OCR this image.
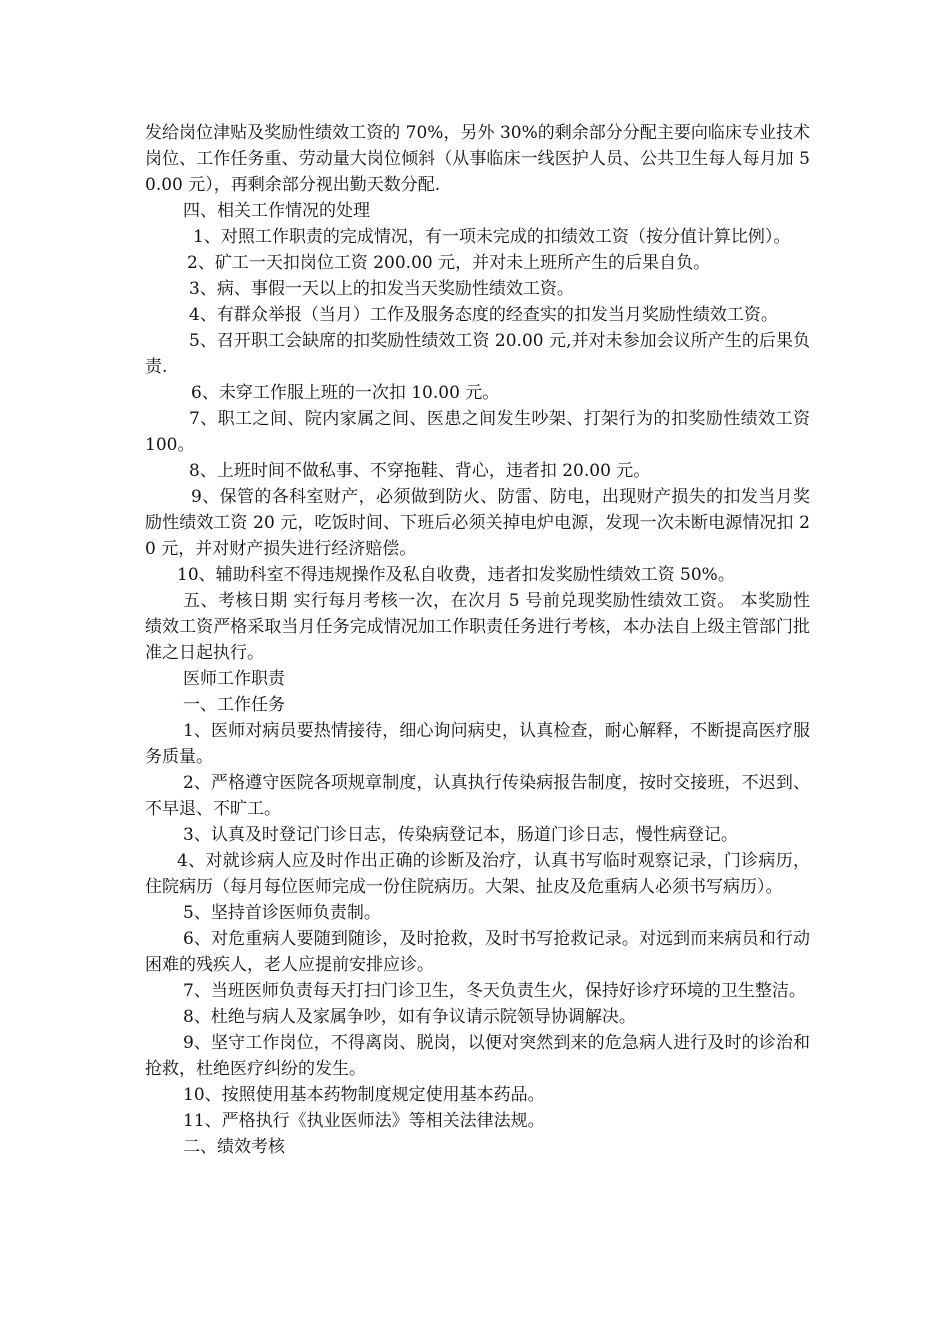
发给岗位津贴及奖励性绩效工资的 70%，另外 30%的剩余部分分配主要向临床专业技术岗位、工作任务重、劳动量大岗位倾斜（从事临床一线医护人员、公共卫生每人每月加 50.00 元），再剩余部分视出勤天数分配.

四、相关工作情况的处理

1、对照工作职责的完成情况，有一项未完成的扣绩效工资（按分值计算比例）。

2、矿工一天扣岗位工资 200.00 元，并对未上班所产生的后果自负。

3、病、事假一天以上的扣发当天奖励性绩效工资。

4、有群众举报（当月）工作及服务态度的经查实的扣发当月奖励性绩效工资。

5、召开职工会缺席的扣奖励性绩效工资 20.00 元,并对未参加会议所产生的后果负责.

6、未穿工作服上班的一次扣 10.00 元。

7、职工之间、院内家属之间、医患之间发生吵架、打架行为的扣奖励性绩效工资 100。

8、上班时间不做私事、不穿拖鞋、背心，违者扣 20.00 元。

9、保管的各科室财产，必须做到防火、防雷、防电，出现财产损失的扣发当月奖励性绩效工资 20 元，吃饭时间、下班后必须关掉电炉电源，发现一次未断电源情况扣 20 元，并对财产损失进行经济赔偿。

10、辅助科室不得违规操作及私自收费，违者扣发奖励性绩效工资 50%。

五、考核日期 实行每月考核一次，在次月 5 号前兑现奖励性绩效工资。 本奖励性绩效工资严格采取当月任务完成情况加工作职责任务进行考核，本办法自上级主管部门批准之日起执行。

医师工作职责

一、工作任务

1、医师对病员要热情接待，细心询问病史，认真检查，耐心解释，不断提高医疗服务质量。

2、严格遵守医院各项规章制度，认真执行传染病报告制度，按时交接班，不迟到、不早退、不旷工。

3、认真及时登记门诊日志，传染病登记本，肠道门诊日志，慢性病登记。

4、对就诊病人应及时作出正确的诊断及治疗，认真书写临时观察记录，门诊病历，住院病历（每月每位医师完成一份住院病历。大架、扯皮及危重病人必须书写病历）。

5、坚持首诊医师负责制。

6、对危重病人要随到随诊，及时抢救，及时书写抢救记录。对远到而来病员和行动困难的残疾人，老人应提前安排应诊。

7、当班医师负责每天打扫门诊卫生，冬天负责生火，保持好诊疗环境的卫生整洁。

8、杜绝与病人及家属争吵，如有争议请示院领导协调解决。

9、坚守工作岗位，不得离岗、脱岗，以便对突然到来的危急病人进行及时的诊治和抢救，杜绝医疗纠纷的发生。

10、按照使用基本药物制度规定使用基本药品。

11、严格执行《执业医师法》等相关法律法规。

二、绩效考核
